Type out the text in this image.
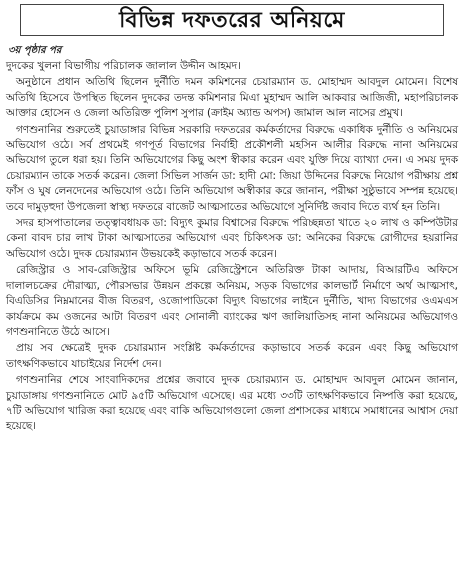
বিভিন্ন দফতরের অনিয়মে
৩য় পৃষ্ঠার পর

দুদকের খুলনা বিভাগীয় পরিচালক জালাল উদ্দীন আহমদ।

অনুষ্ঠানে প্রধান অতিথি ছিলেন দুর্নীতি দমন কমিশনের চেয়ারম্যান ড. মোহাম্মদ আবদুল মোমেন। বিশেষ অতিথি হিসেবে উপস্থিত ছিলেন দুদকের তদন্ত কমিশনার মিএা মুহাম্মদ আলি আকবার আজিজী, মহাপরিচালক আক্তার হোসেন ও জেলা অতিরিক্ত পুলিশ সুপার (ক্রাইম অ্যান্ড অপস) জামাল আল নাসের প্রমুখ।

গণশুনানির শুরুতেই চুয়াডাঙ্গার বিভিন্ন সরকারি দফতরের কর্মকর্তাদের বিরুদ্ধে একাধিক দুর্নীতি ও অনিয়মের অভিযোগ ওঠে। সর্ব প্রথমেই গণপূর্ত বিভাগের নির্বাহী প্রকৌশলী মহসিন আলীর বিরুদ্ধে নানা অনিয়মের অভিযোগ তুলে ধরা হয়। তিনি অভিযোগের কিছু অংশ স্বীকার করেন এবং যুক্তি দিয়ে ব্যাখ্যা দেন। এ সময় দুদক চেয়ারম্যান তাকে সতর্ক করেন। জেলা সিভিল সার্জন ডা: হাদী মো: জিয়া উদ্দিনের বিরুদ্ধে নিয়োগ পরীক্ষায় প্রশ্ন ফাঁস ও ঘুষ লেনদেনের অভিযোগ ওঠে। তিনি অভিযোগ অস্বীকার করে জানান, পরীক্ষা সুষ্ঠুভাবে সম্পন্ন হয়েছে। তবে দামুড়হুদা উপজেলা স্বাস্থ্য দফতরে বাজেট আত্মসাতের অভিযোগে সুনির্দিষ্ট জবাব দিতে ব্যর্থ হন তিনি।

সদর হাসপাতালের তত্ত্বাবধায়ক ডা: বিদ্যুৎ কুমার বিশ্বাসের বিরুদ্ধে পরিচ্ছন্নতা খাতে ২০ লাখ ও কম্পিউটার কেনা বাবদ চার লাখ টাকা আত্মসাতের অভিযোগ এবং চিকিৎসক ডা: অনিকের বিরুদ্ধে রোগীদের হয়রানির অভিযোগ ওঠে। দুদক চেয়ারম্যান উভয়কেই কড়াভাবে সতর্ক করেন।

রেজিস্ট্রার ও সাব-রেজিস্ট্রার অফিসে ভূমি রেজিস্ট্রেশনে অতিরিক্ত টাকা আদায়, বিআরটিএ অফিসে দালালচক্রের দৌরাত্ম্য, পৌরসভার উন্নয়ন প্রকল্পে অনিয়ম, সড়ক বিভাগের কালভার্ট নির্মাণে অর্থ আত্মসাৎ, বিএডিসির নিম্নমানের বীজ বিতরণ, ওজোপাডিকো বিদ্যুৎ বিভাগের লাইনে দুর্নীতি, খাদ্য বিভাগের ওএমএস কার্যক্রমে কম ওজনের আটা বিতরণ এবং সোনালী ব্যাংকের ঋণ জালিয়াতিসহ নানা অনিয়মের অভিযোগও গণশুনানিতে উঠে আসে।

প্রায় সব ক্ষেত্রেই দুদক চেয়ারম্যান সংশ্লিষ্ট কর্মকর্তাদের কড়াভাবে সতর্ক করেন এবং কিছু অভিযোগ তাৎক্ষণিকভাবে যাচাইয়ের নির্দেশ দেন।

গণশুনানির শেষে সাংবাদিকদের প্রশ্নের জবাবে দুদক চেয়ারম্যান ড. মোহাম্মদ আবদুল মোমেন জানান, চুয়াডাঙ্গায় গণশুনানিতে মোট ৯৫টি অভিযোগ এসেছে। এর মধ্যে ৩৩টি তাৎক্ষণিকভাবে নিষ্পত্তি করা হয়েছে, ৭টি অভিযোগ খারিজ করা হয়েছে এবং বাকি অভিযোগগুলো জেলা প্রশাসকের মাধ্যমে সমাধানের আশ্বাস দেয়া হয়েছে।
